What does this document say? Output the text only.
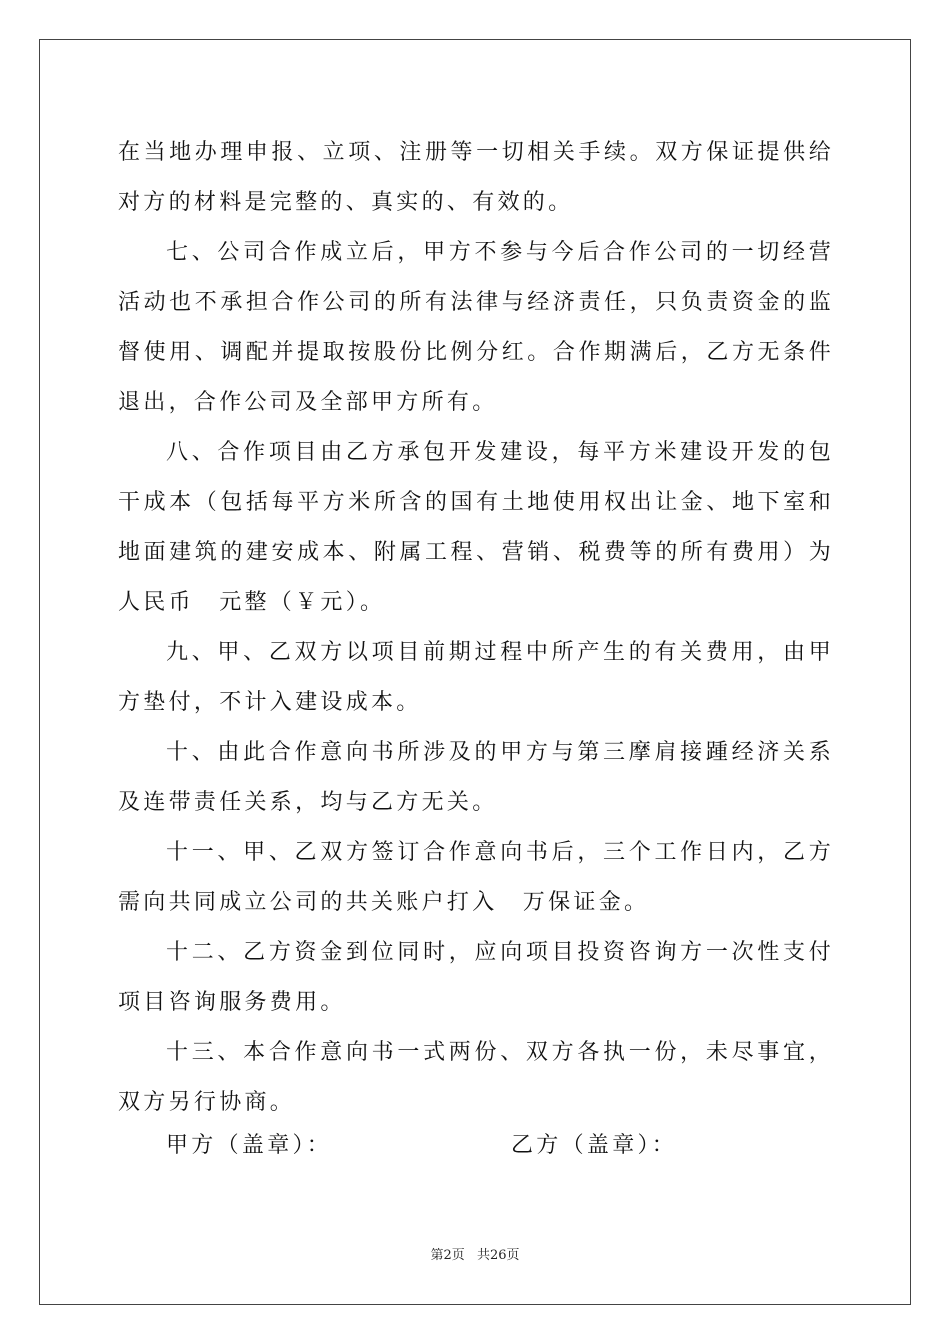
在当地办理申报、立项、注册等一切相关手续。双方保证提供给对方的材料是完整的、真实的、有效的。

七、公司合作成立后，甲方不参与今后合作公司的一切经营活动也不承担合作公司的所有法律与经济责任，只负责资金的监督使用、调配并提取按股份比例分红。合作期满后，乙方无条件退出，合作公司及全部甲方所有。

八、合作项目由乙方承包开发建设，每平方米建设开发的包干成本（包括每平方米所含的国有土地使用权出让金、地下室和地面建筑的建安成本、附属工程、营销、税费等的所有费用）为人民币　元整（￥元）。

九、甲、乙双方以项目前期过程中所产生的有关费用，由甲方垫付，不计入建设成本。

十、由此合作意向书所涉及的甲方与第三摩肩接踵经济关系及连带责任关系，均与乙方无关。

十一、甲、乙双方签订合作意向书后，三个工作日内，乙方需向共同成立公司的共关账户打入　万保证金。

十二、乙方资金到位同时，应向项目投资咨询方一次性支付项目咨询服务费用。

十三、本合作意向书一式两份、双方各执一份，未尽事宜，双方另行协商。

甲方（盖章）：	乙方（盖章）：
第2页 共26页
